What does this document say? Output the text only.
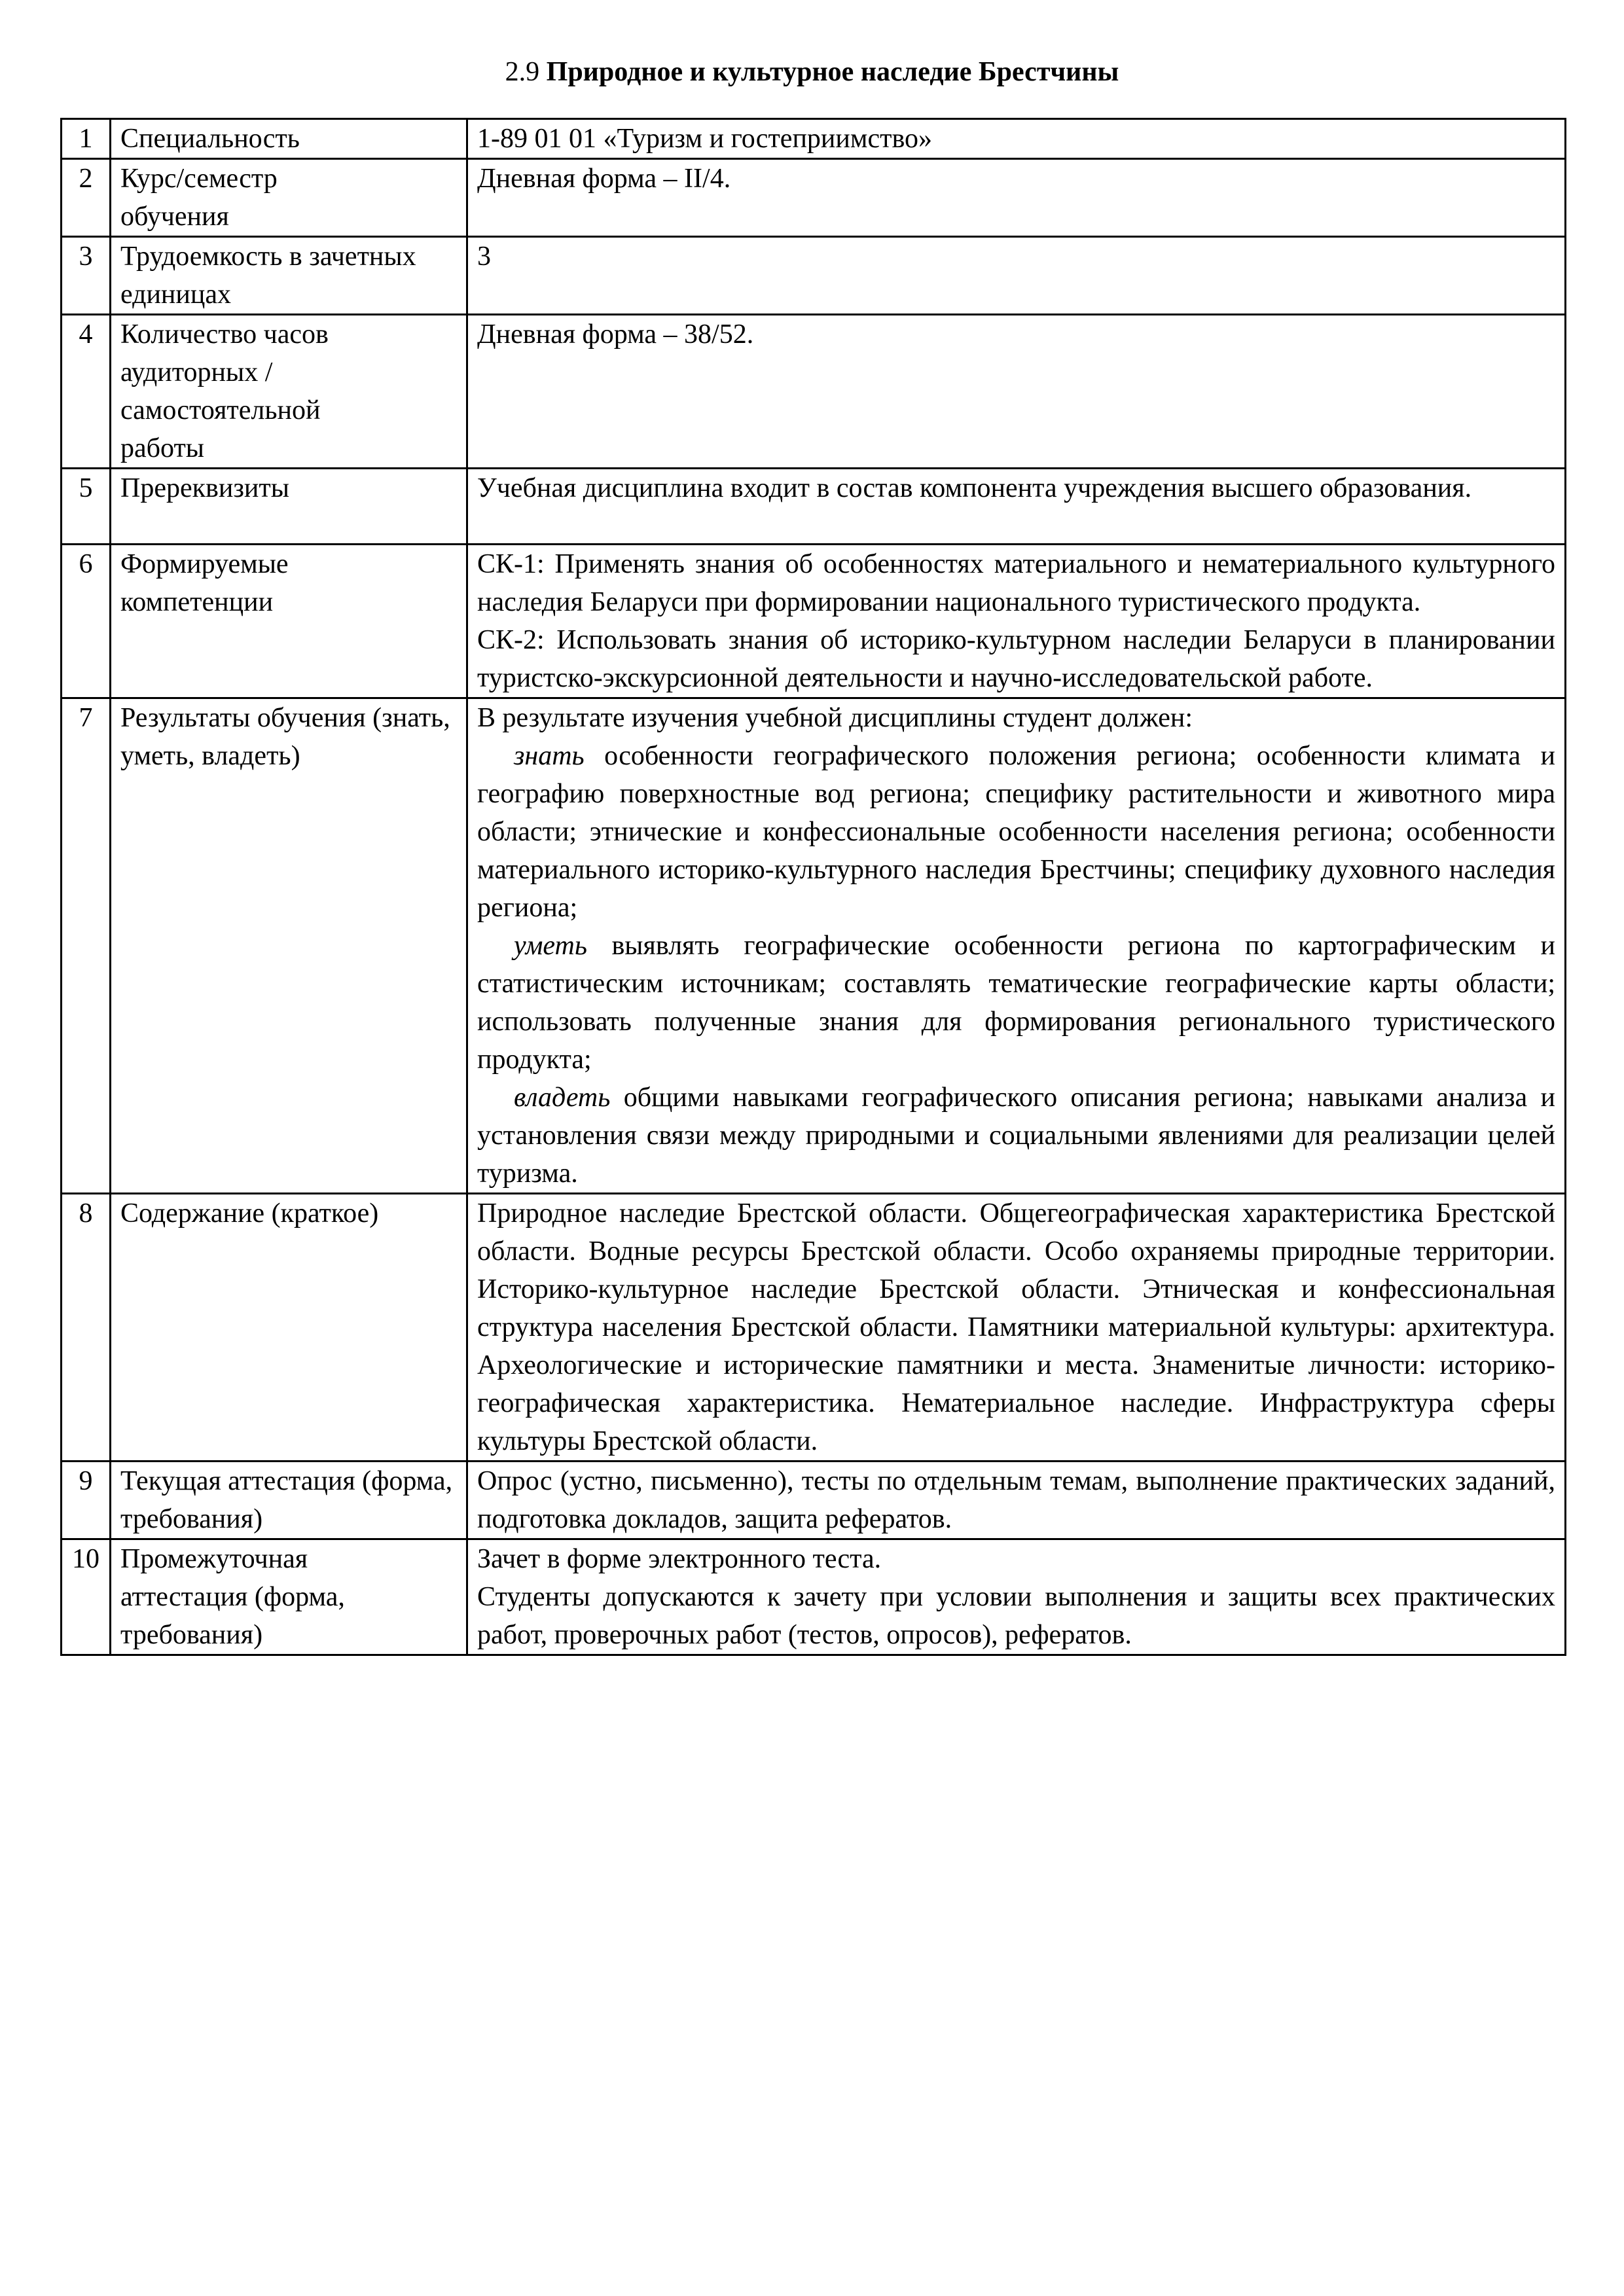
2.9 Природное и культурное наследие Брестчины
1	Специальность	1-89 01 01 «Туризм и гостеприимство»
2	Курс/семестр обучения	Дневная форма – II/4.
3	Трудоемкость в зачетных единицах	3
4	Количество часов аудиторных / самостоятельной работы	Дневная форма – 38/52.
5	Пререквизиты	Учебная дисциплина входит в состав компонента учреждения высшего образования.

6	Формируемые компетенции	СК-1: Применять знания об особенностях материального и нематериального культурного наследия Беларуси при формировании национального туристического продукта.
СК-2: Использовать знания об историко-культурном наследии Беларуси в планировании туристско-экскурсионной деятельности и научно-исследовательской работе.

7	Результаты обучения (знать, уметь, владеть)	В результате изучения учебной дисциплины студент должен:
знать особенности географического положения региона; особенности климата и географию поверхностные вод региона; специфику растительности и животного мира области; этнические и конфессиональные особенности населения региона; особенности материального историко-культурного наследия Брестчины; специфику духовного наследия региона;
уметь выявлять географические особенности региона по картографическим и статистическим источникам; составлять тематические географические карты области; использовать полученные знания для формирования регионального туристического продукта;
владеть общими навыками географического описания региона; навыками анализа и установления связи между природными и социальными явлениями для реализации целей туризма.

8	Содержание (краткое)	Природное наследие Брестской области. Общегеографическая характеристика Брестской области. Водные ресурсы Брестской области. Особо охраняемы природные территории. Историко-культурное наследие Брестской области. Этническая и конфессиональная структура населения Брестской области. Памятники материальной культуры: архитектура. Археологические и исторические памятники и места. Знаменитые личности: историко-географическая характеристика. Нематериальное наследие. Инфраструктура сферы культуры Брестской области.

9	Текущая аттестация (форма, требования)	Опрос (устно, письменно), тесты по отдельным темам, выполнение практических заданий, подготовка докладов, защита рефератов.

10	Промежуточная аттестация (форма, требования)	Зачет в форме электронного теста.
Студенты допускаются к зачету при условии выполнения и защиты всех практических работ, проверочных работ (тестов, опросов), рефератов.
